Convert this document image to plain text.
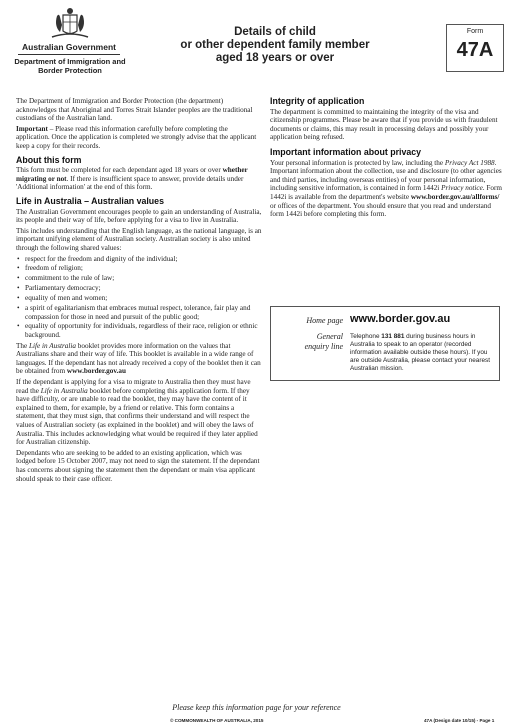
Australian Government
Department of Immigration and Border Protection
Details of child
or other dependent family member
aged 18 years or over
Form
47A

The Department of Immigration and Border Protection (the department) acknowledges that Aboriginal and Torres Strait Islander peoples are the traditional custodians of the Australian land.

Important – Please read this information carefully before completing the application. Once the application is completed we strongly advise that the applicant keep a copy for their records.

About this form

This form must be completed for each dependant aged 18 years or over whether migrating or not. If there is insufficient space to answer, provide details under 'Additional information' at the end of this form.

Life in Australia – Australian values

The Australian Government encourages people to gain an understanding of Australia, its people and their way of life, before applying for a visa to live in Australia.

This includes understanding that the English language, as the national language, is an important unifying element of Australian society. Australian society is also united through the following shared values:

• respect for the freedom and dignity of the individual;
• freedom of religion;
• commitment to the rule of law;
• Parliamentary democracy;
• equality of men and women;
• a spirit of egalitarianism that embraces mutual respect, tolerance, fair play and compassion for those in need and pursuit of the public good;
• equality of opportunity for individuals, regardless of their race, religion or ethnic background.

The Life in Australia booklet provides more information on the values that Australians share and their way of life. This booklet is available in a wide range of languages. If the dependant has not already received a copy of the booklet then it can be obtained from www.border.gov.au

If the dependant is applying for a visa to migrate to Australia then they must have read the Life in Australia booklet before completing this application form. If they have difficulty, or are unable to read the booklet, they may have the content of it explained to them, for example, by a friend or relative. This form contains a statement, that they must sign, that confirms their understand and will respect the values of Australian society (as explained in the booklet) and will obey the laws of Australia. This includes acknowledging what would be required if they later applied for Australian citizenship.

Dependants who are seeking to be added to an existing application, which was lodged before 15 October 2007, may not need to sign the statement. If the dependant has concerns about signing the statement then the dependant or main visa applicant should speak to their case officer.

Integrity of application

The department is committed to maintaining the integrity of the visa and citizenship programmes. Please be aware that if you provide us with fraudulent documents or claims, this may result in processing delays and possibly your application being refused.

Important information about privacy

Your personal information is protected by law, including the Privacy Act 1988. Important information about the collection, use and disclosure (to other agencies and third parties, including overseas entities) of your personal information, including sensitive information, is contained in form 1442i Privacy notice. Form 1442i is available from the department's website www.border.gov.au/allforms/ or offices of the department. You should ensure that you read and understand form 1442i before completing this form.

Home page www.border.gov.au
General
enquiry line
Telephone 131 881 during business hours in Australia to speak to an operator (recorded information available outside these hours). If you are outside Australia, please contact your nearest Australian mission.
Please keep this information page for your reference
© COMMONWEALTH OF AUSTRALIA, 2015	47A (Design date 10/15) - Page 1
